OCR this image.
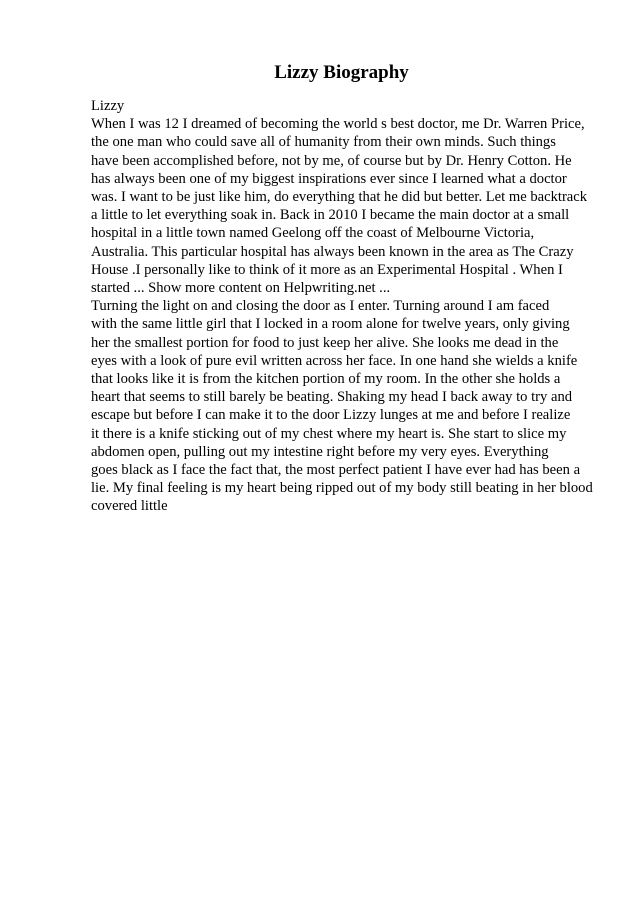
Lizzy Biography
Lizzy
When I was 12 I dreamed of becoming the world s best doctor, me Dr. Warren Price,
the one man who could save all of humanity from their own minds. Such things
have been accomplished before, not by me, of course but by Dr. Henry Cotton. He
has always been one of my biggest inspirations ever since I learned what a doctor
was. I want to be just like him, do everything that he did but better. Let me backtrack
a little to let everything soak in. Back in 2010 I became the main doctor at a small
hospital in a little town named Geelong off the coast of Melbourne Victoria,
Australia. This particular hospital has always been known in the area as The Crazy
House .I personally like to think of it more as an Experimental Hospital . When I
started ... Show more content on Helpwriting.net ...
Turning the light on and closing the door as I enter. Turning around I am faced
with the same little girl that I locked in a room alone for twelve years, only giving
her the smallest portion for food to just keep her alive. She looks me dead in the
eyes with a look of pure evil written across her face. In one hand she wields a knife
that looks like it is from the kitchen portion of my room. In the other she holds a
heart that seems to still barely be beating. Shaking my head I back away to try and
escape but before I can make it to the door Lizzy lunges at me and before I realize
it there is a knife sticking out of my chest where my heart is. She start to slice my
abdomen open, pulling out my intestine right before my very eyes. Everything
goes black as I face the fact that, the most perfect patient I have ever had has been a
lie. My final feeling is my heart being ripped out of my body still beating in her blood
covered little
